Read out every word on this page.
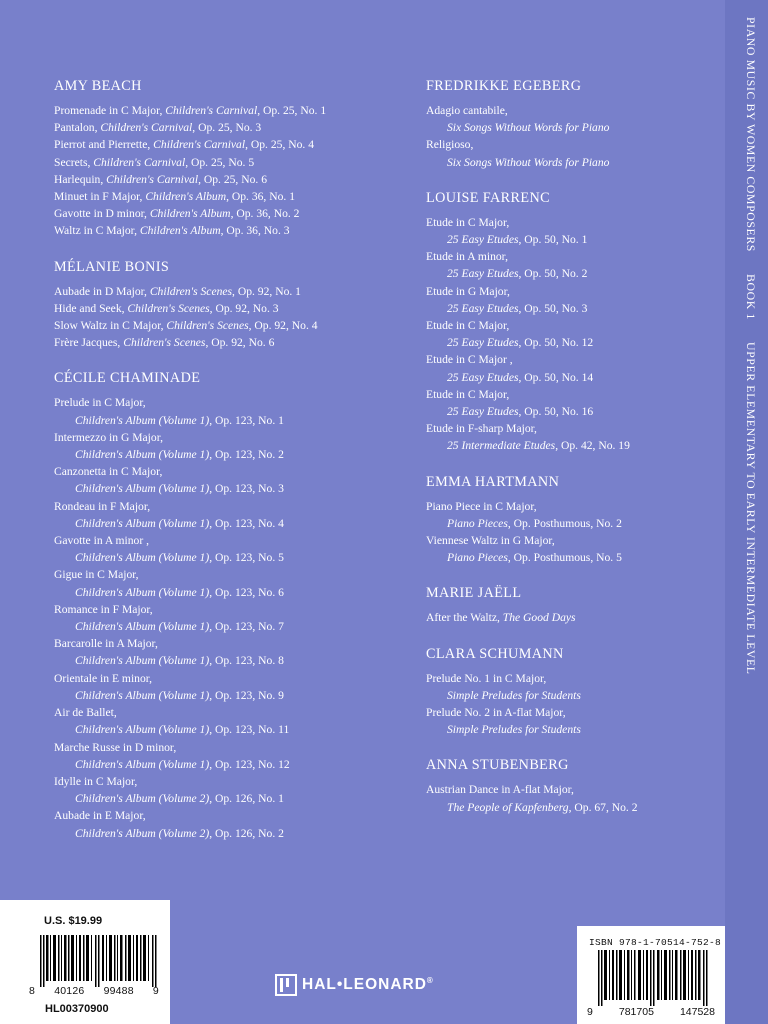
AMY BEACH
Promenade in C Major, Children's Carnival, Op. 25, No. 1
Pantalon, Children's Carnival, Op. 25, No. 3
Pierrot and Pierrette, Children's Carnival, Op. 25, No. 4
Secrets, Children's Carnival, Op. 25, No. 5
Harlequin, Children's Carnival, Op. 25, No. 6
Minuet in F Major, Children's Album, Op. 36, No. 1
Gavotte in D minor, Children's Album, Op. 36, No. 2
Waltz in C Major, Children's Album, Op. 36, No. 3
MÉLANIE BONIS
Aubade in D Major, Children's Scenes, Op. 92, No. 1
Hide and Seek, Children's Scenes, Op. 92, No. 3
Slow Waltz in C Major, Children's Scenes, Op. 92, No. 4
Frère Jacques, Children's Scenes, Op. 92, No. 6
CÉCILE CHAMINADE
Prelude in C Major,
Children's Album (Volume 1), Op. 123, No. 1
Intermezzo in G Major,
Children's Album (Volume 1), Op. 123, No. 2
Canzonetta in C Major,
Children's Album (Volume 1), Op. 123, No. 3
Rondeau in F Major,
Children's Album (Volume 1), Op. 123, No. 4
Gavotte in A minor ,
Children's Album (Volume 1), Op. 123, No. 5
Gigue in C Major,
Children's Album (Volume 1), Op. 123, No. 6
Romance in F Major,
Children's Album (Volume 1), Op. 123, No. 7
Barcarolle in A Major,
Children's Album (Volume 1), Op. 123, No. 8
Orientale in E minor,
Children's Album (Volume 1), Op. 123, No. 9
Air de Ballet,
Children's Album (Volume 1), Op. 123, No. 11
Marche Russe in D minor,
Children's Album (Volume 1), Op. 123, No. 12
Idylle in C Major,
Children's Album (Volume 2), Op. 126, No. 1
Aubade in E Major,
Children's Album (Volume 2), Op. 126, No. 2
FREDRIKKE EGEBERG
Adagio cantabile,
Six Songs Without Words for Piano
Religioso,
Six Songs Without Words for Piano
LOUISE FARRENC
Etude in C Major,
25 Easy Etudes, Op. 50, No. 1
Etude in A minor,
25 Easy Etudes, Op. 50, No. 2
Etude in G Major,
25 Easy Etudes, Op. 50, No. 3
Etude in C Major,
25 Easy Etudes, Op. 50, No. 12
Etude in C Major ,
25 Easy Etudes, Op. 50, No. 14
Etude in C Major,
25 Easy Etudes, Op. 50, No. 16
Etude in F-sharp Major,
25 Intermediate Etudes, Op. 42, No. 19
EMMA HARTMANN
Piano Piece in C Major,
Piano Pieces, Op. Posthumous, No. 2
Viennese Waltz in G Major,
Piano Pieces, Op. Posthumous, No. 5
MARIE JAËLL
After the Waltz, The Good Days
CLARA SCHUMANN
Prelude No. 1 in C Major,
Simple Preludes for Students
Prelude No. 2 in A-flat Major,
Simple Preludes for Students
ANNA STUBENBERG
Austrian Dance in A-flat Major,
The People of Kapfenberg, Op. 67, No. 2
HAL•LEONARD®
U.S. $19.99
8 40126 99488 9
HL00370900
ISBN 978-1-70514-752-8
9 781705 147528
PIANO MUSIC BY WOMEN COMPOSERS
BOOK 1
UPPER ELEMENTARY TO EARLY INTERMEDIATE LEVEL
